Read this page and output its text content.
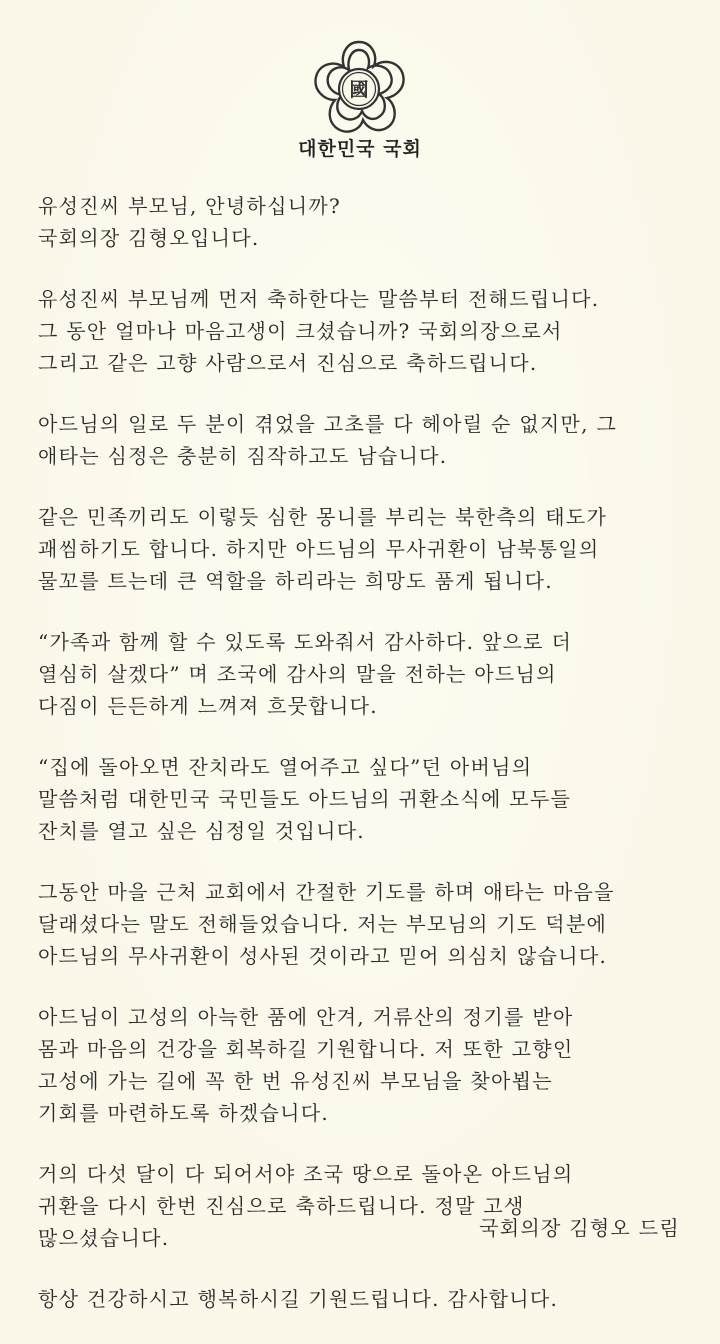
國
대한민국 국회
유성진씨 부모님, 안녕하십니까?
국회의장 김형오입니다.
유성진씨 부모님께 먼저 축하한다는 말씀부터 전해드립니다.
그 동안 얼마나 마음고생이 크셨습니까? 국회의장으로서
그리고 같은 고향 사람으로서 진심으로 축하드립니다.
아드님의 일로 두 분이 겪었을 고초를 다 헤아릴 순 없지만, 그
애타는 심정은 충분히 짐작하고도 남습니다.
같은 민족끼리도 이렇듯 심한 몽니를 부리는 북한측의 태도가
괘씸하기도 합니다. 하지만 아드님의 무사귀환이 남북통일의
물꼬를 트는데 큰 역할을 하리라는 희망도 품게 됩니다.
“가족과 함께 할 수 있도록 도와줘서 감사하다. 앞으로 더
열심히 살겠다” 며 조국에 감사의 말을 전하는 아드님의
다짐이 든든하게 느껴져 흐뭇합니다.
“집에 돌아오면 잔치라도 열어주고 싶다”던 아버님의
말씀처럼 대한민국 국민들도 아드님의 귀환소식에 모두들
잔치를 열고 싶은 심정일 것입니다.
그동안 마을 근처 교회에서 간절한 기도를 하며 애타는 마음을
달래셨다는 말도 전해들었습니다. 저는 부모님의 기도 덕분에
아드님의 무사귀환이 성사된 것이라고 믿어 의심치 않습니다.
아드님이 고성의 아늑한 품에 안겨, 거류산의 정기를 받아
몸과 마음의 건강을 회복하길 기원합니다. 저 또한 고향인
고성에 가는 길에 꼭 한 번 유성진씨 부모님을 찾아뵙는
기회를 마련하도록 하겠습니다.
거의 다섯 달이 다 되어서야 조국 땅으로 돌아온 아드님의
귀환을 다시 한번 진심으로 축하드립니다. 정말 고생
많으셨습니다.
항상 건강하시고 행복하시길 기원드립니다. 감사합니다.
국회의장 김형오 드림
